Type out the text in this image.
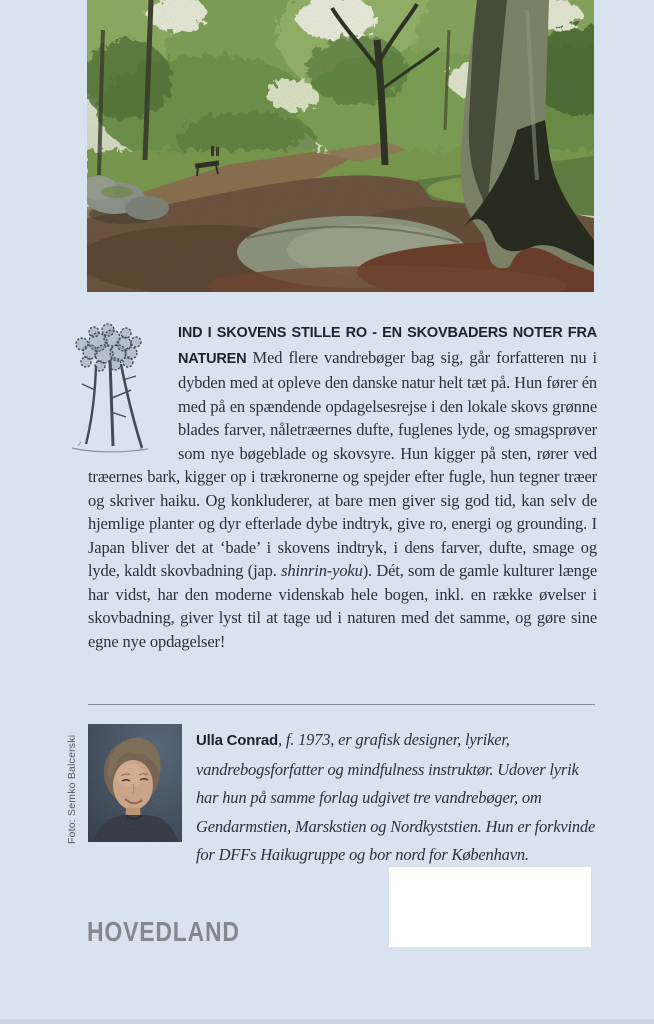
IND I SKOVENS STILLE RO - EN SKOVBADERS NOTER FRA NATUREN Med flere vandrebøger bag sig, går forfatteren nu i dybden med at opleve den danske natur helt tæt på. Hun fører én med på en spændende opdagelsesrejse i den lokale skovs grønne blades farver, nåletræernes dufte, fuglenes lyde, og smagsprøver som nye bøgeblade og skovsyre. Hun kigger på sten, rører ved træernes bark, kigger op i trækronerne og spejder efter fugle, hun tegner træer og skriver haiku. Og konkluderer, at bare men giver sig god tid, kan selv de hjemlige planter og dyr efterlade dybe indtryk, give ro, energi og grounding. I Japan bliver det at ‘bade’ i skovens indtryk, i dens farver, dufte, smage og lyde, kaldt skovbadning (jap. shinrin-yoku). Dét, som de gamle kulturer længe har vidst, har den moderne videnskab hele bogen, inkl. en række øvelser i skovbadning, giver lyst til at tage ud i naturen med det samme, og gøre sine egne nye opdagelser!

Foto: Semko Balcerski	Ulla Conrad, f. 1973, er grafisk designer, lyriker, vandrebogsforfatter og mindfulness instruktør. Udover lyrik har hun på samme forlag udgivet tre vandrebøger, om Gendarmstien, Marskstien og Nordkyststien. Hun er forkvinde for DFFs Haikugruppe og bor nord for København.

HOVEDLAND
